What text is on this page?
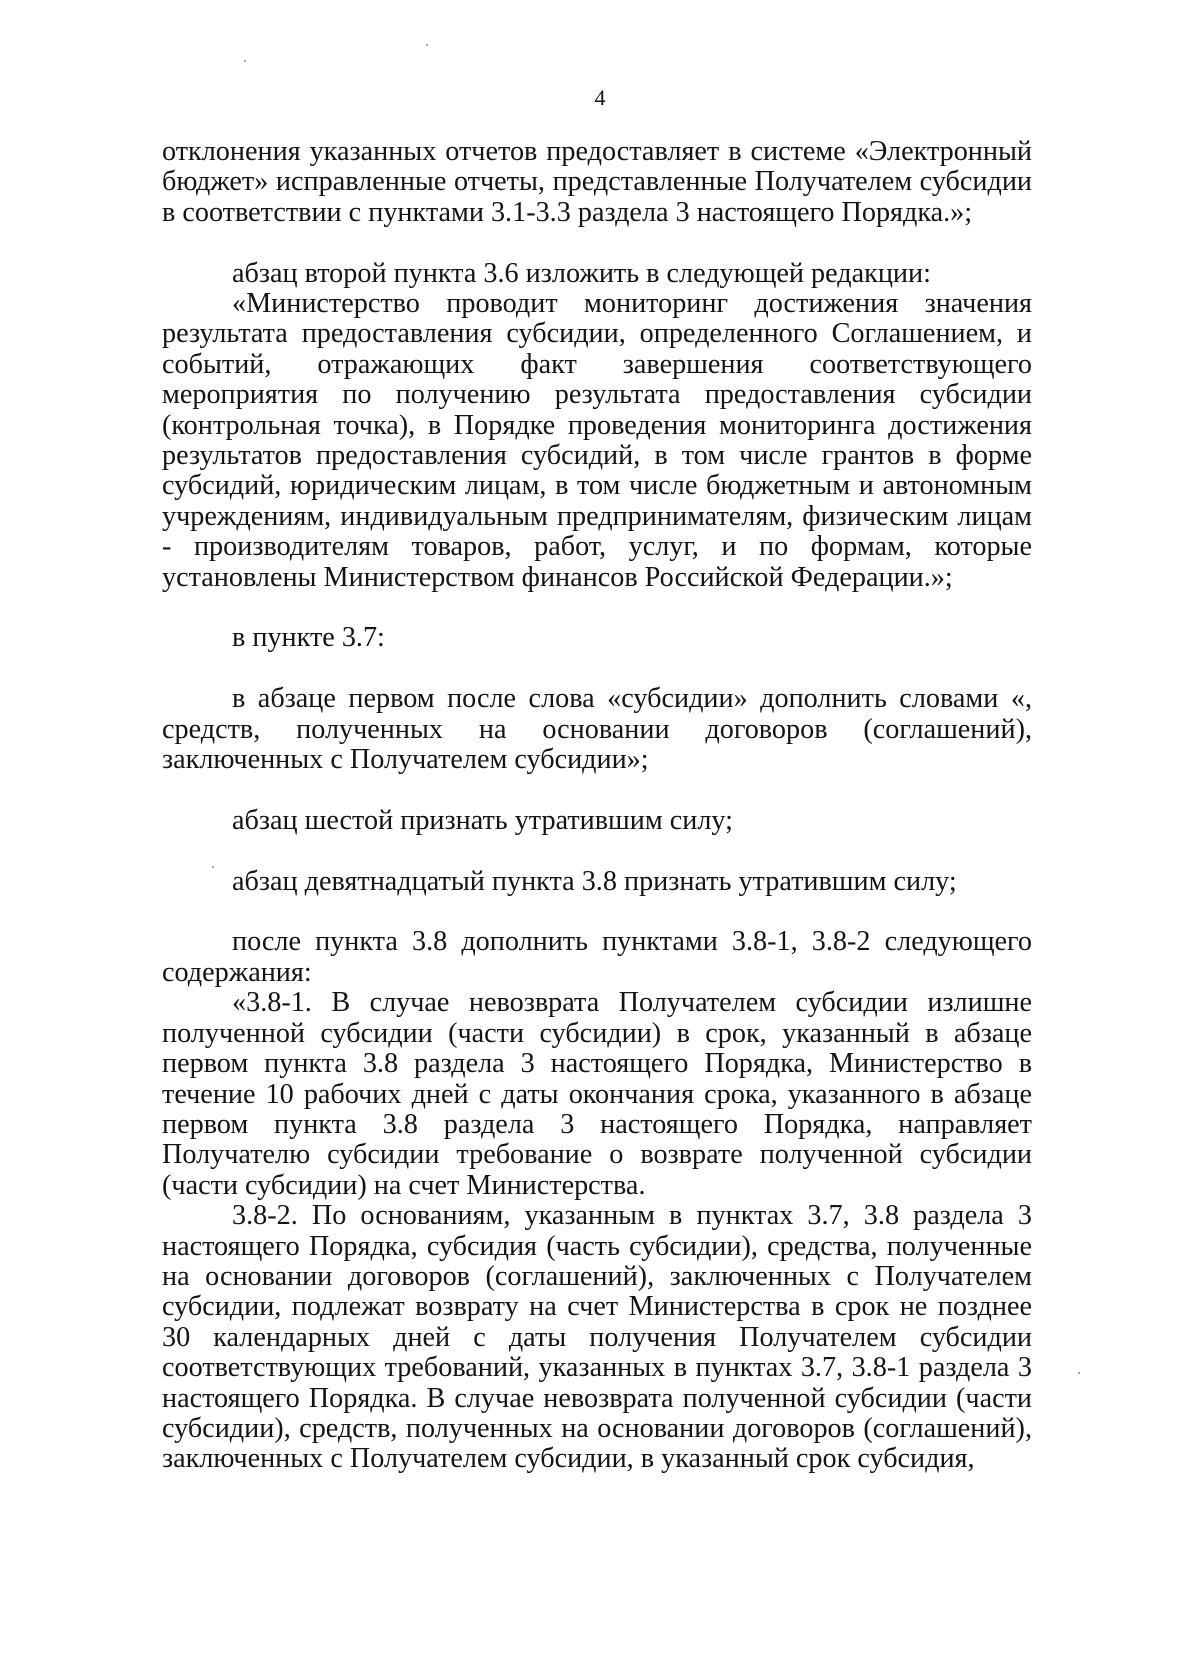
4

отклонения указанных отчетов предоставляет в системе «Электронный бюджет» исправленные отчеты, представленные Получателем субсидии в соответствии с пунктами 3.1-3.3 раздела 3 настоящего Порядка.»;

абзац второй пункта 3.6 изложить в следующей редакции:

«Министерство проводит мониторинг достижения значения результата предоставления субсидии, определенного Соглашением, и событий, отражающих факт завершения соответствующего мероприятия по получению результата предоставления субсидии (контрольная точка), в Порядке проведения мониторинга достижения результатов предоставления субсидий, в том числе грантов в форме субсидий, юридическим лицам, в том числе бюджетным и автономным учреждениям, индивидуальным предпринимателям, физическим лицам - производителям товаров, работ, услуг, и по формам, которые установлены Министерством финансов Российской Федерации.»;

в пункте 3.7:

в абзаце первом после слова «субсидии» дополнить словами «, средств, полученных на основании договоров (соглашений), заключенных с Получателем субсидии»;

абзац шестой признать утратившим силу;

абзац девятнадцатый пункта 3.8 признать утратившим силу;

после пункта 3.8 дополнить пунктами 3.8-1, 3.8-2 следующего содержания:

«3.8-1. В случае невозврата Получателем субсидии излишне полученной субсидии (части субсидии) в срок, указанный в абзаце первом пункта 3.8 раздела 3 настоящего Порядка, Министерство в течение 10 рабочих дней с даты окончания срока, указанного в абзаце первом пункта 3.8 раздела 3 настоящего Порядка, направляет Получателю субсидии требование о возврате полученной субсидии (части субсидии) на счет Министерства.

3.8-2. По основаниям, указанным в пунктах 3.7, 3.8 раздела 3 настоящего Порядка, субсидия (часть субсидии), средства, полученные на основании договоров (соглашений), заключенных с Получателем субсидии, подлежат возврату на счет Министерства в срок не позднее 30 календарных дней с даты получения Получателем субсидии соответствующих требований, указанных в пунктах 3.7, 3.8-1 раздела 3 настоящего Порядка. В случае невозврата полученной субсидии (части субсидии), средств, полученных на основании договоров (соглашений), заключенных с Получателем субсидии, в указанный срок субсидия,
